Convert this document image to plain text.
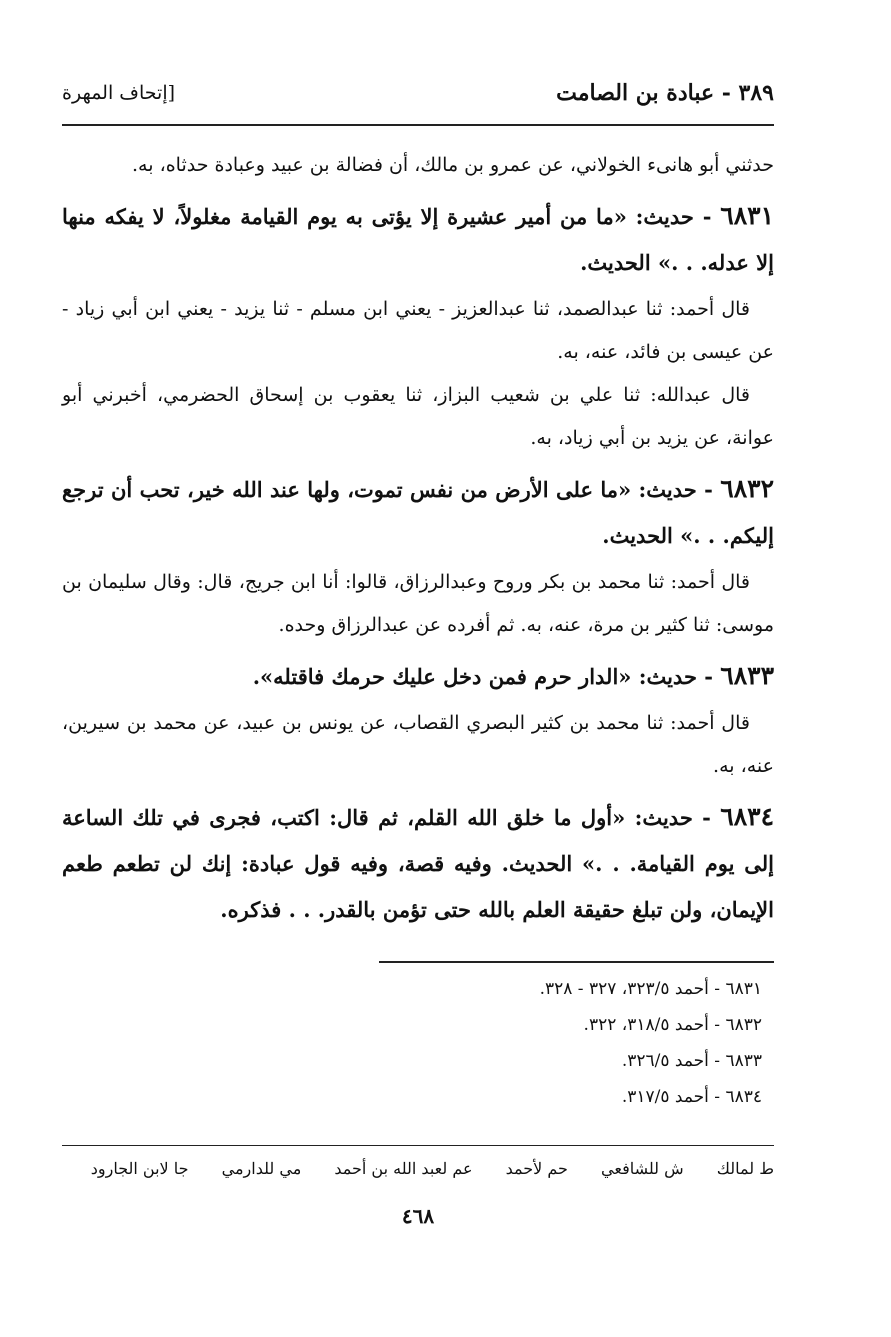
٣٨٩ - عبادة بن الصامت
[إتحاف المهرة

حدثني أبو هانىء الخولاني، عن عمرو بن مالك، أن فضالة بن عبيد وعبادة حدثاه، به.

٦٨٣١ - حديث: «ما من أمير عشيرة إلا يؤتى به يوم القيامة مغلولاً، لا يفكه منها إلا عدله. . .» الحديث.

قال أحمد: ثنا عبدالصمد، ثنا عبدالعزيز - يعني ابن مسلم - ثنا يزيد - يعني ابن أبي زياد - عن عيسى بن فائد، عنه، به.

قال عبدالله: ثنا علي بن شعيب البزاز، ثنا يعقوب بن إسحاق الحضرمي، أخبرني أبو عوانة، عن يزيد بن أبي زياد، به.

٦٨٣٢ - حديث: «ما على الأرض من نفس تموت، ولها عند الله خير، تحب أن ترجع إليكم. . .» الحديث.

قال أحمد: ثنا محمد بن بكر وروح وعبدالرزاق، قالوا: أنا ابن جريج، قال: وقال سليمان بن موسى: ثنا كثير بن مرة، عنه، به. ثم أفرده عن عبدالرزاق وحده.

٦٨٣٣ - حديث: «الدار حرم فمن دخل عليك حرمك فاقتله».

قال أحمد: ثنا محمد بن كثير البصري القصاب، عن يونس بن عبيد، عن محمد بن سيرين، عنه، به.

٦٨٣٤ - حديث: «أول ما خلق الله القلم، ثم قال: اكتب، فجرى في تلك الساعة إلى يوم القيامة. . .» الحديث. وفيه قصة، وفيه قول عبادة: إنك لن تطعم طعم الإيمان، ولن تبلغ حقيقة العلم بالله حتى تؤمن بالقدر. . . فذكره.

٦٨٣١ - أحمد ٣٢٣/٥، ٣٢٧ - ٣٢٨.
٦٨٣٢ - أحمد ٣١٨/٥، ٣٢٢.
٦٨٣٣ - أحمد ٣٢٦/٥.
٦٨٣٤ - أحمد ٣١٧/٥.
ط لمالك ش للشافعي حم لأحمد عم لعبد الله بن أحمد مي للدارمي جا لابن الجارود
٤٦٨
